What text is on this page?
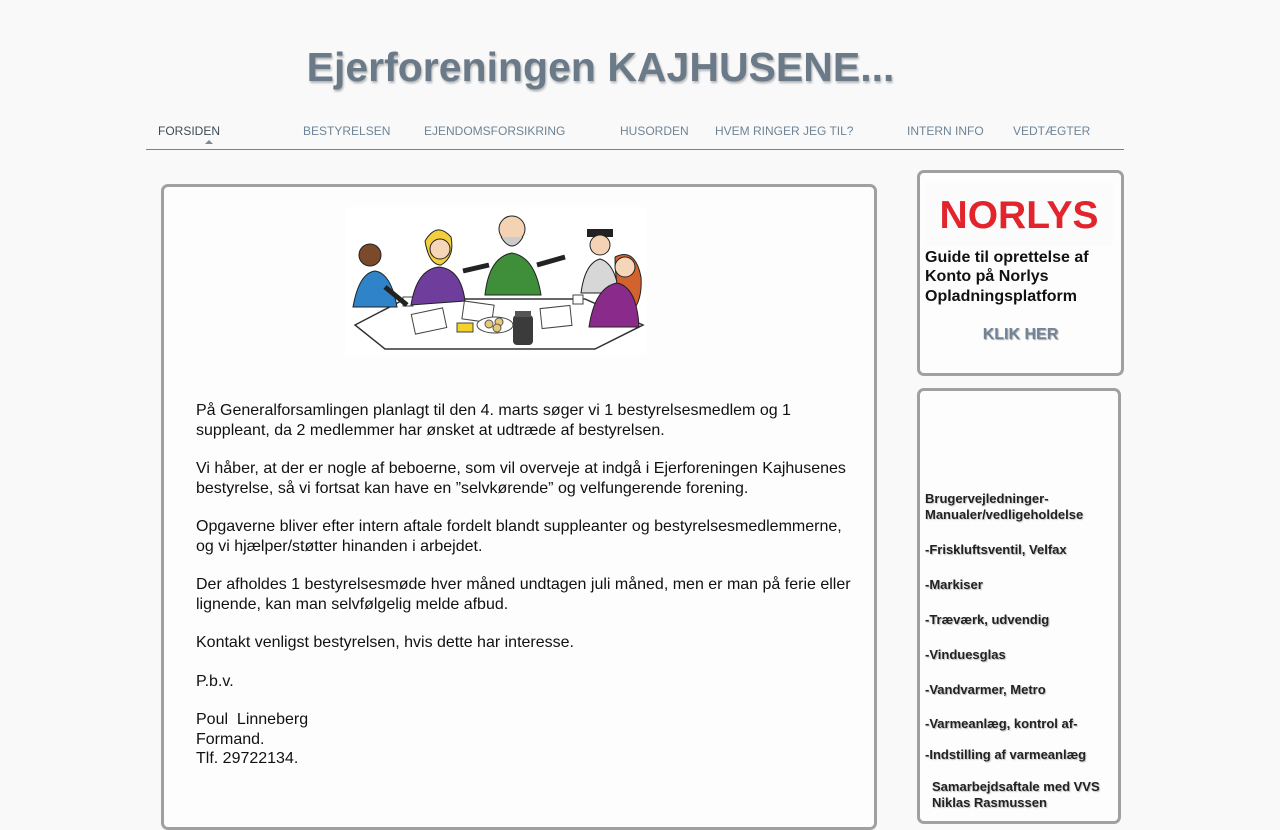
Ejerforeningen KAJHUSENE...
FORSIDEN	BESTYRELSEN	EJENDOMSFORSIKRING	HUSORDEN HVEM RINGER JEG TIL?	INTERN INFO VEDTÆGTER

På Generalforsamlingen planlagt til den 4. marts søger vi 1 bestyrelsesmedlem og 1 suppleant, da 2 medlemmer har ønsket at udtræde af bestyrelsen.

Vi håber, at der er nogle af beboerne, som vil overveje at indgå i Ejerforeningen Kajhusenes bestyrelse, så vi fortsat kan have en ”selvkørende” og velfungerende forening.

Opgaverne bliver efter intern aftale fordelt blandt suppleanter og bestyrelsesmedlemmerne, og vi hjælper/støtter hinanden i arbejdet.

Der afholdes 1 bestyrelsesmøde hver måned undtagen juli måned, men er man på ferie eller lignende, kan man selvfølgelig melde afbud.

Kontakt venligst bestyrelsen, hvis dette har interesse.

P.b.v.

Poul  Linneberg
Formand.
Tlf. 29722134.
NORLYS
Guide til oprettelse af Konto på Norlys Opladningsplatform
KLIK HER
Brugervejledninger-Manualer/vedligeholdelse
-Friskluftsventil, Velfax
-Markiser
-Træværk, udvendig
-Vinduesglas
-Vandvarmer, Metro
-Varmeanlæg, kontrol af-
-Indstilling af varmeanlæg
Samarbejdsaftale med VVS Niklas Rasmussen
